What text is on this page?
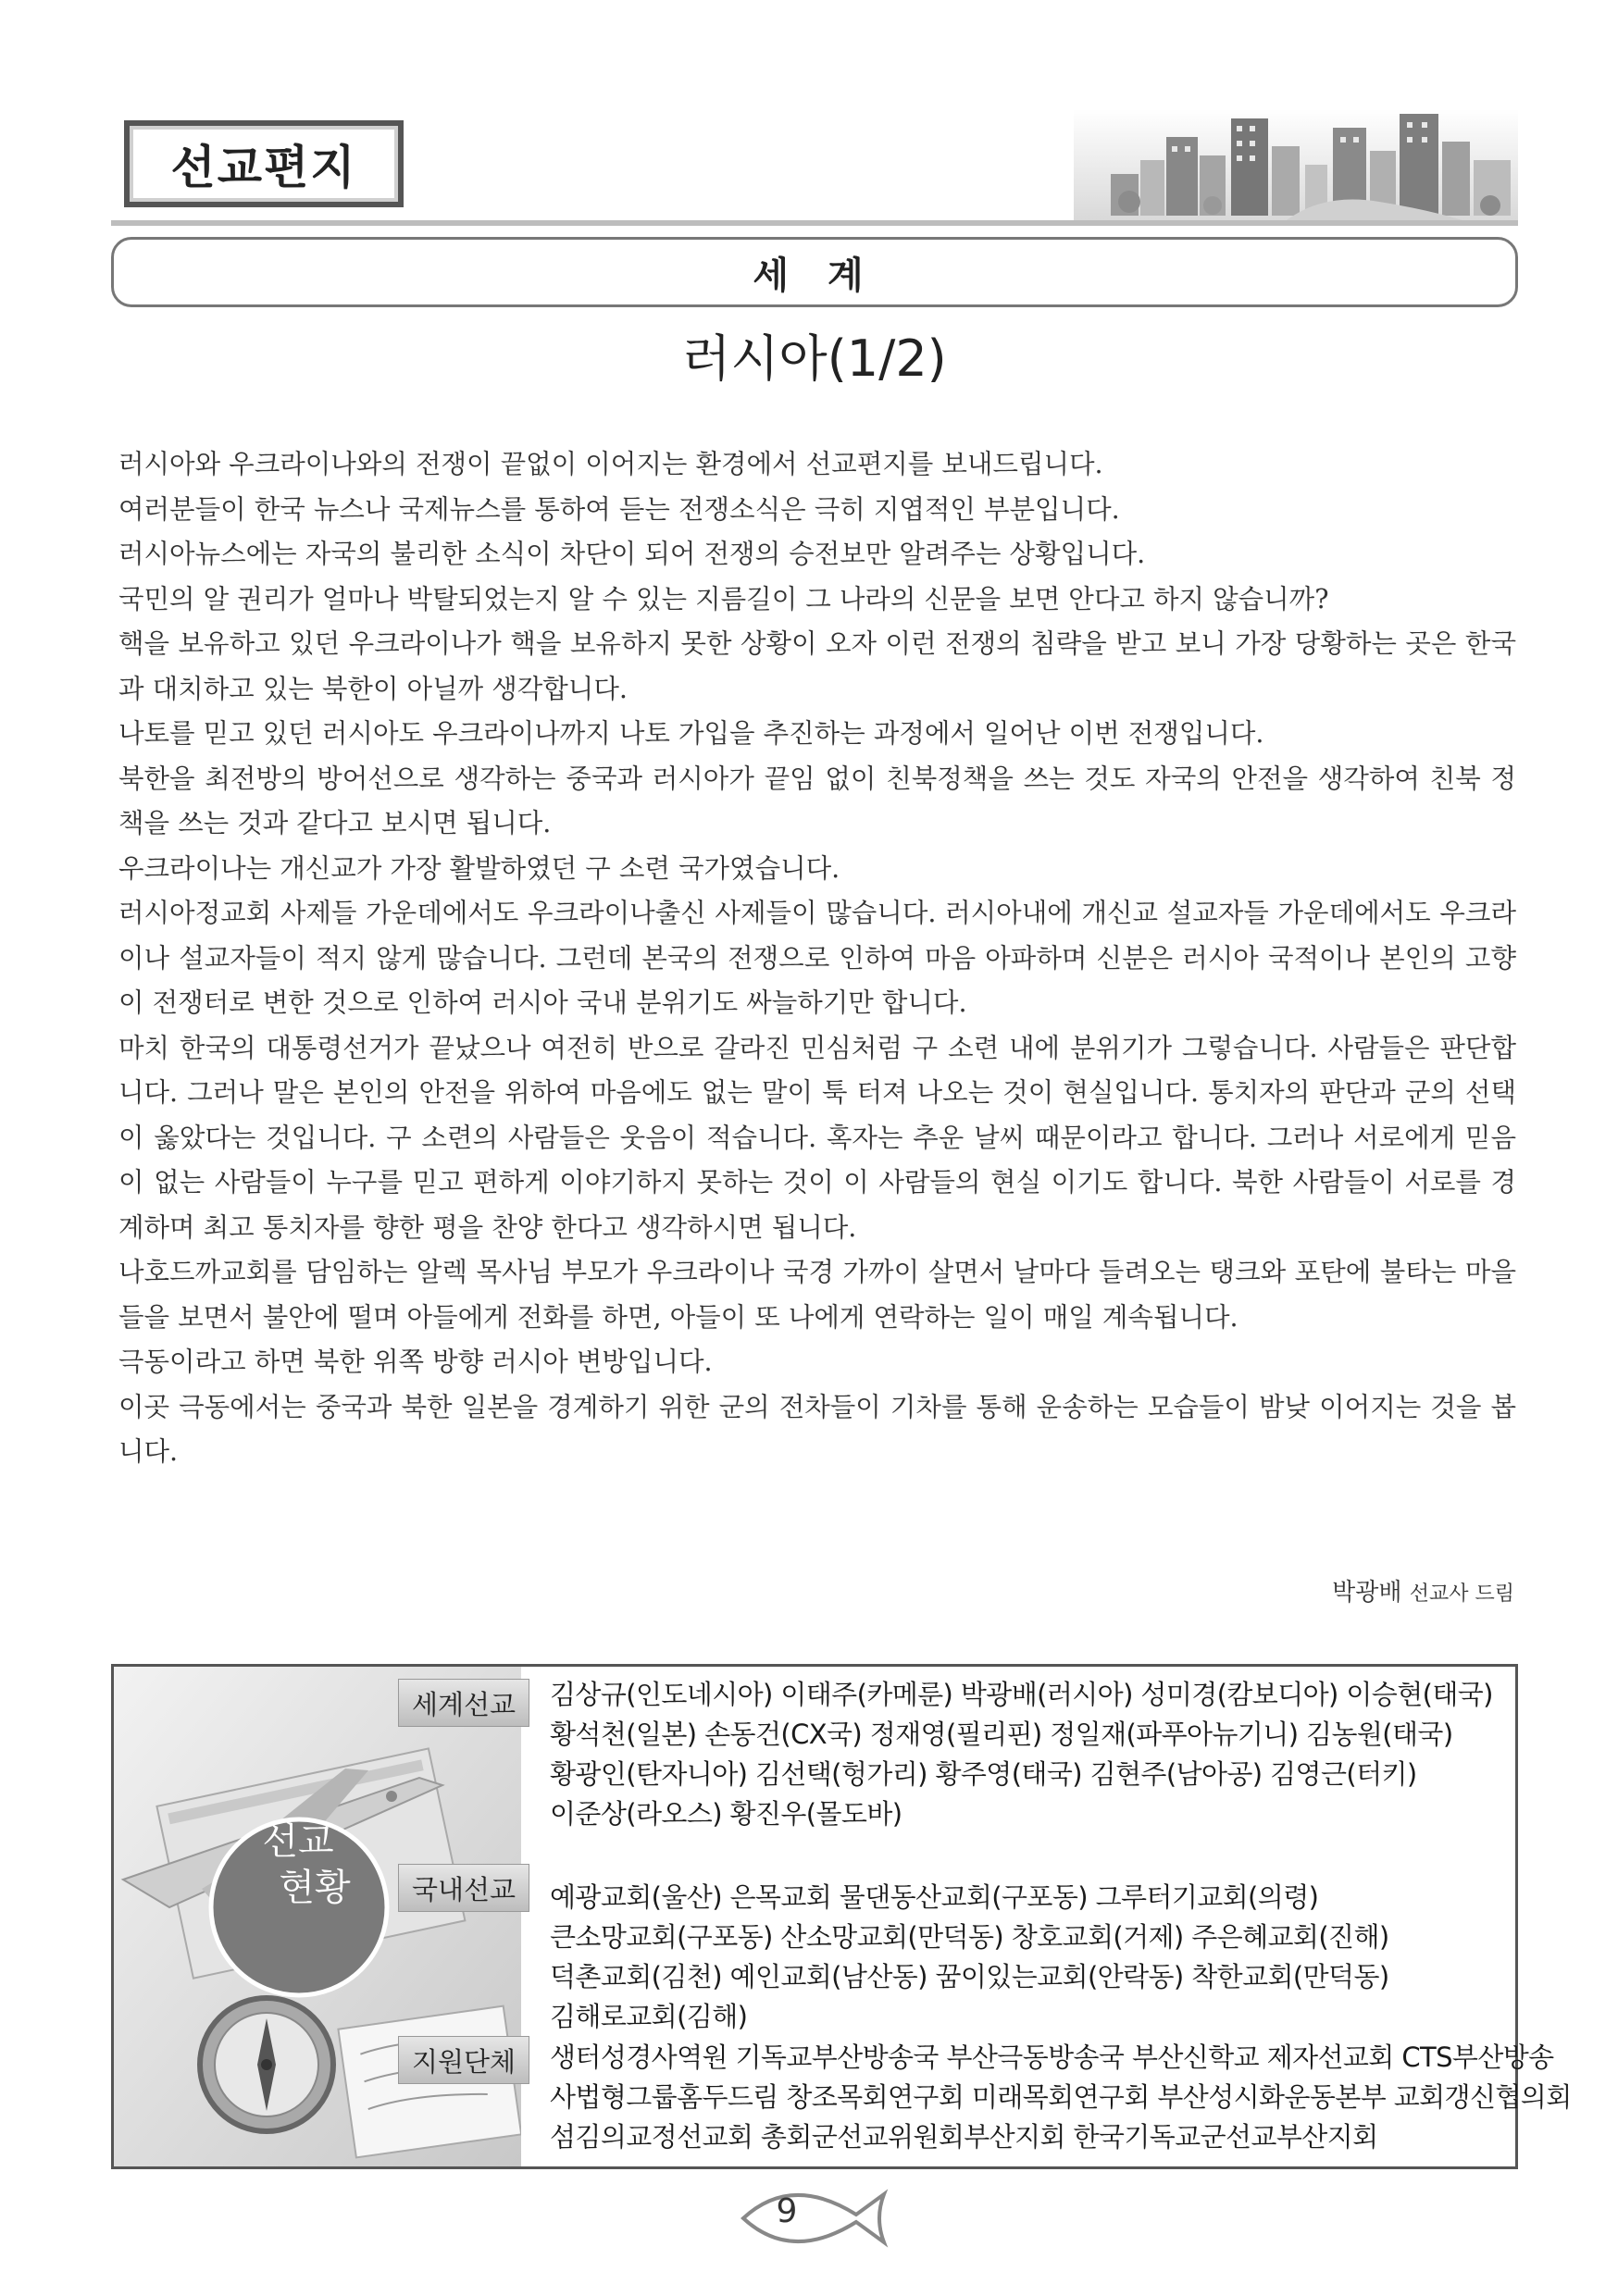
선교편지
세 계
러시아(1/2)

러시아와 우크라이나와의 전쟁이 끝없이 이어지는 환경에서 선교편지를 보내드립니다.

여러분들이 한국 뉴스나 국제뉴스를 통하여 듣는 전쟁소식은 극히 지엽적인 부분입니다.

러시아뉴스에는 자국의 불리한 소식이 차단이 되어 전쟁의 승전보만 알려주는 상황입니다.

국민의 알 권리가 얼마나 박탈되었는지 알 수 있는 지름길이 그 나라의 신문을 보면 안다고 하지 않습니까?

핵을 보유하고 있던 우크라이나가 핵을 보유하지 못한 상황이 오자 이런 전쟁의 침략을 받고 보니 가장 당황하는 곳은 한국과 대치하고 있는 북한이 아닐까 생각합니다.

나토를 믿고 있던 러시아도 우크라이나까지 나토 가입을 추진하는 과정에서 일어난 이번 전쟁입니다.

북한을 최전방의 방어선으로 생각하는 중국과 러시아가 끝임 없이 친북정책을 쓰는 것도 자국의 안전을 생각하여 친북 정책을 쓰는 것과 같다고 보시면 됩니다.

우크라이나는 개신교가 가장 활발하였던 구 소련 국가였습니다.

러시아정교회 사제들 가운데에서도 우크라이나출신 사제들이 많습니다. 러시아내에 개신교 설교자들 가운데에서도 우크라이나 설교자들이 적지 않게 많습니다. 그런데 본국의 전쟁으로 인하여 마음 아파하며 신분은 러시아 국적이나 본인의 고향이 전쟁터로 변한 것으로 인하여 러시아 국내 분위기도 싸늘하기만 합니다.

마치 한국의 대통령선거가 끝났으나 여전히 반으로 갈라진 민심처럼 구 소련 내에 분위기가 그렇습니다. 사람들은 판단합니다. 그러나 말은 본인의 안전을 위하여 마음에도 없는 말이 툭 터져 나오는 것이 현실입니다. 통치자의 판단과 군의 선택이 옳았다는 것입니다. 구 소련의 사람들은 웃음이 적습니다. 혹자는 추운 날씨 때문이라고 합니다. 그러나 서로에게 믿음이 없는 사람들이 누구를 믿고 편하게 이야기하지 못하는 것이 이 사람들의 현실 이기도 합니다. 북한 사람들이 서로를 경계하며 최고 통치자를 향한 평을 찬양 한다고 생각하시면 됩니다.

나호드까교회를 담임하는 알렉 목사님 부모가 우크라이나 국경 가까이 살면서 날마다 들려오는 탱크와 포탄에 불타는 마을들을 보면서 불안에 떨며 아들에게 전화를 하면, 아들이 또 나에게 연락하는 일이 매일 계속됩니다.

극동이라고 하면 북한 위쪽 방향 러시아 변방입니다.

이곳 극동에서는 중국과 북한 일본을 경계하기 위한 군의 전차들이 기차를 통해 운송하는 모습들이 밤낮 이어지는 것을 봅니다.

박광배 선교사 드림
선교
현황
세계선교	김상규(인도네시아) 이태주(카메룬) 박광배(러시아) 성미경(캄보디아) 이승현(태국)
황석천(일본) 손동건(CX국) 정재영(필리핀) 정일재(파푸아뉴기니) 김농원(태국)
황광인(탄자니아) 김선택(헝가리) 황주영(태국) 김현주(남아공) 김영근(터키)
이준상(라오스) 황진우(몰도바)
국내선교	예광교회(울산) 은목교회 물댄동산교회(구포동) 그루터기교회(의령)
큰소망교회(구포동) 산소망교회(만덕동) 창호교회(거제) 주은혜교회(진해)
덕촌교회(김천) 예인교회(남산동) 꿈이있는교회(안락동) 착한교회(만덕동)
김해로교회(김해)
지원단체	생터성경사역원 기독교부산방송국 부산극동방송국 부산신학교 제자선교회 CTS부산방송
사법형그룹홈두드림 창조목회연구회 미래목회연구회 부산성시화운동본부 교회갱신협의회
섬김의교정선교회 총회군선교위원회부산지회 한국기독교군선교부산지회
9
